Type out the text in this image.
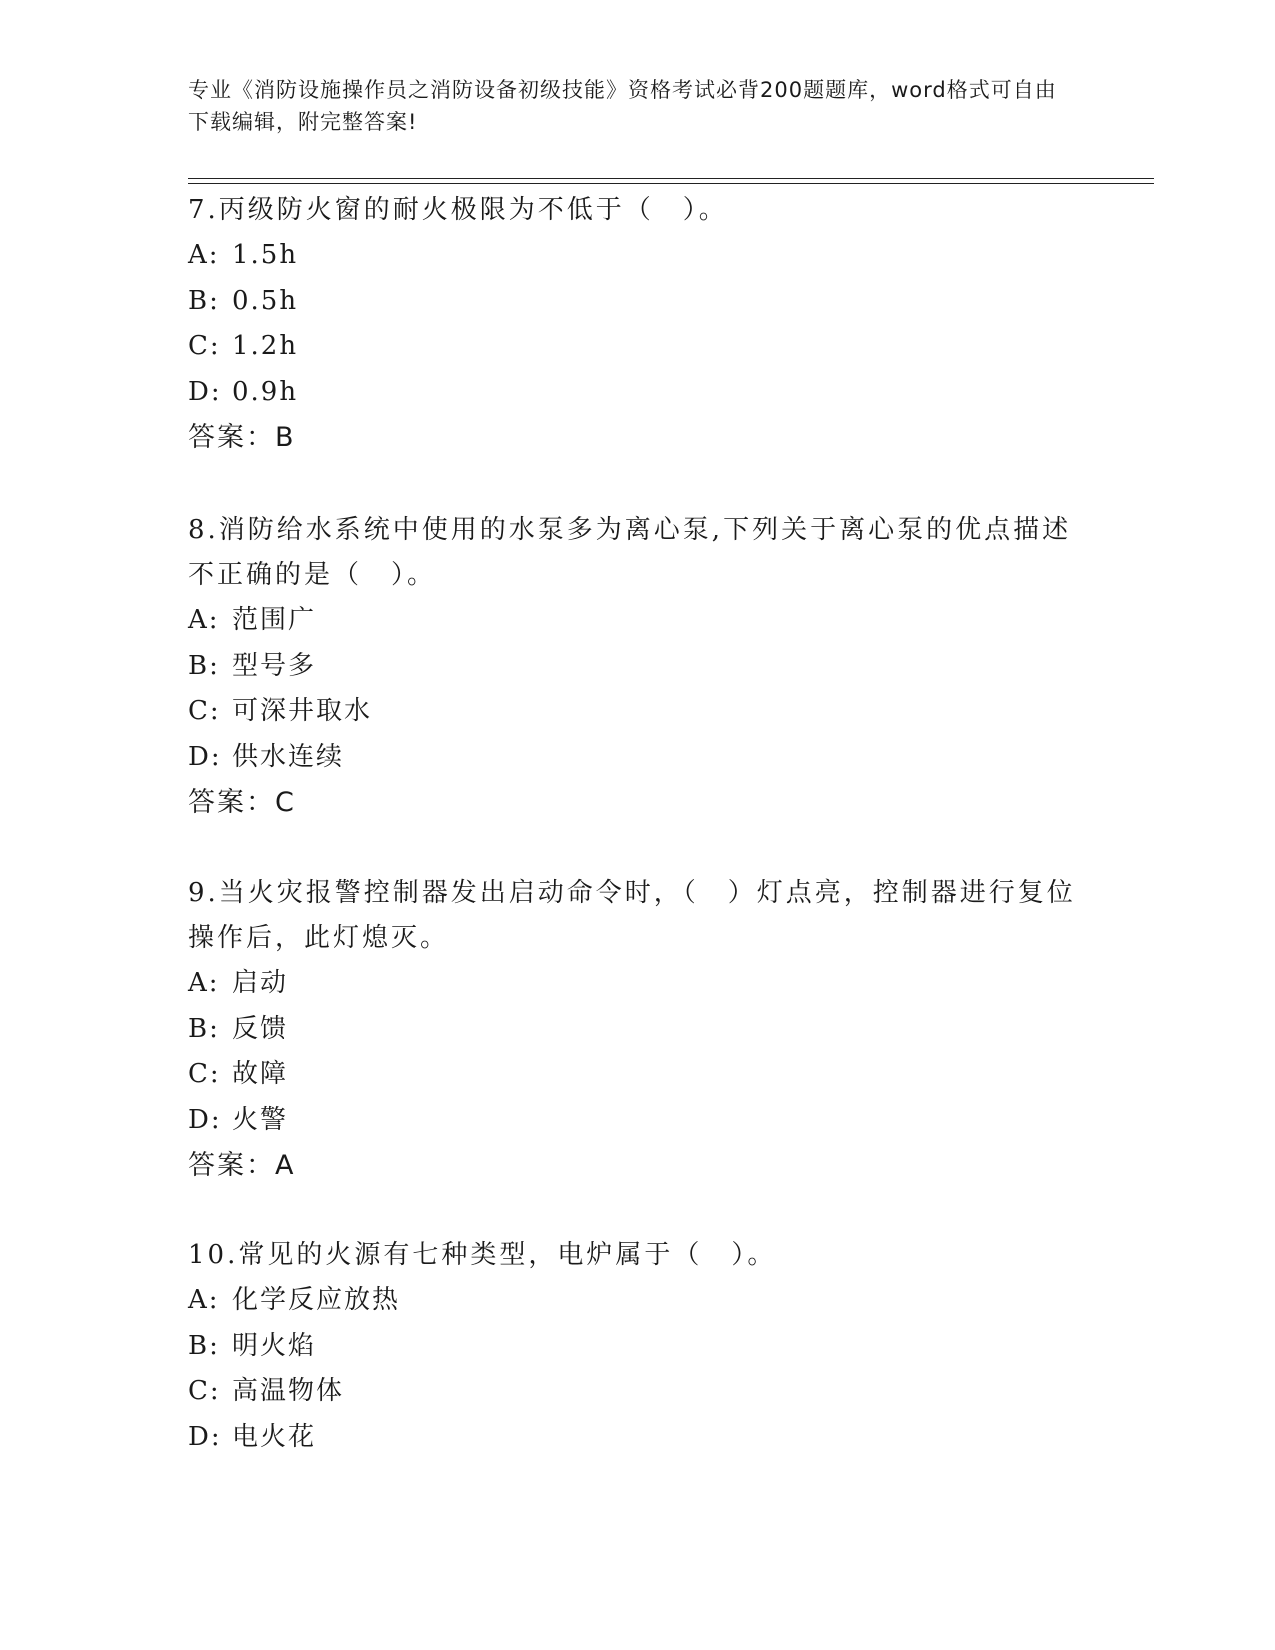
专业《消防设施操作员之消防设备初级技能》资格考试必背200题题库，word格式可自由下载编辑，附完整答案!

7.丙级防火窗的耐火极限为不低于（　）。

A: 1.5h

B: 0.5h

C: 1.2h

D: 0.9h

答案：B

8.消防给水系统中使用的水泵多为离心泵,下列关于离心泵的优点描述不正确的是（　）。

A: 范围广

B: 型号多

C: 可深井取水

D: 供水连续

答案：C

9.当火灾报警控制器发出启动命令时，（　）灯点亮，控制器进行复位操作后，此灯熄灭。

A: 启动

B: 反馈

C: 故障

D: 火警

答案：A

10.常见的火源有七种类型，电炉属于（　）。

A: 化学反应放热

B: 明火焰

C: 高温物体

D: 电火花
